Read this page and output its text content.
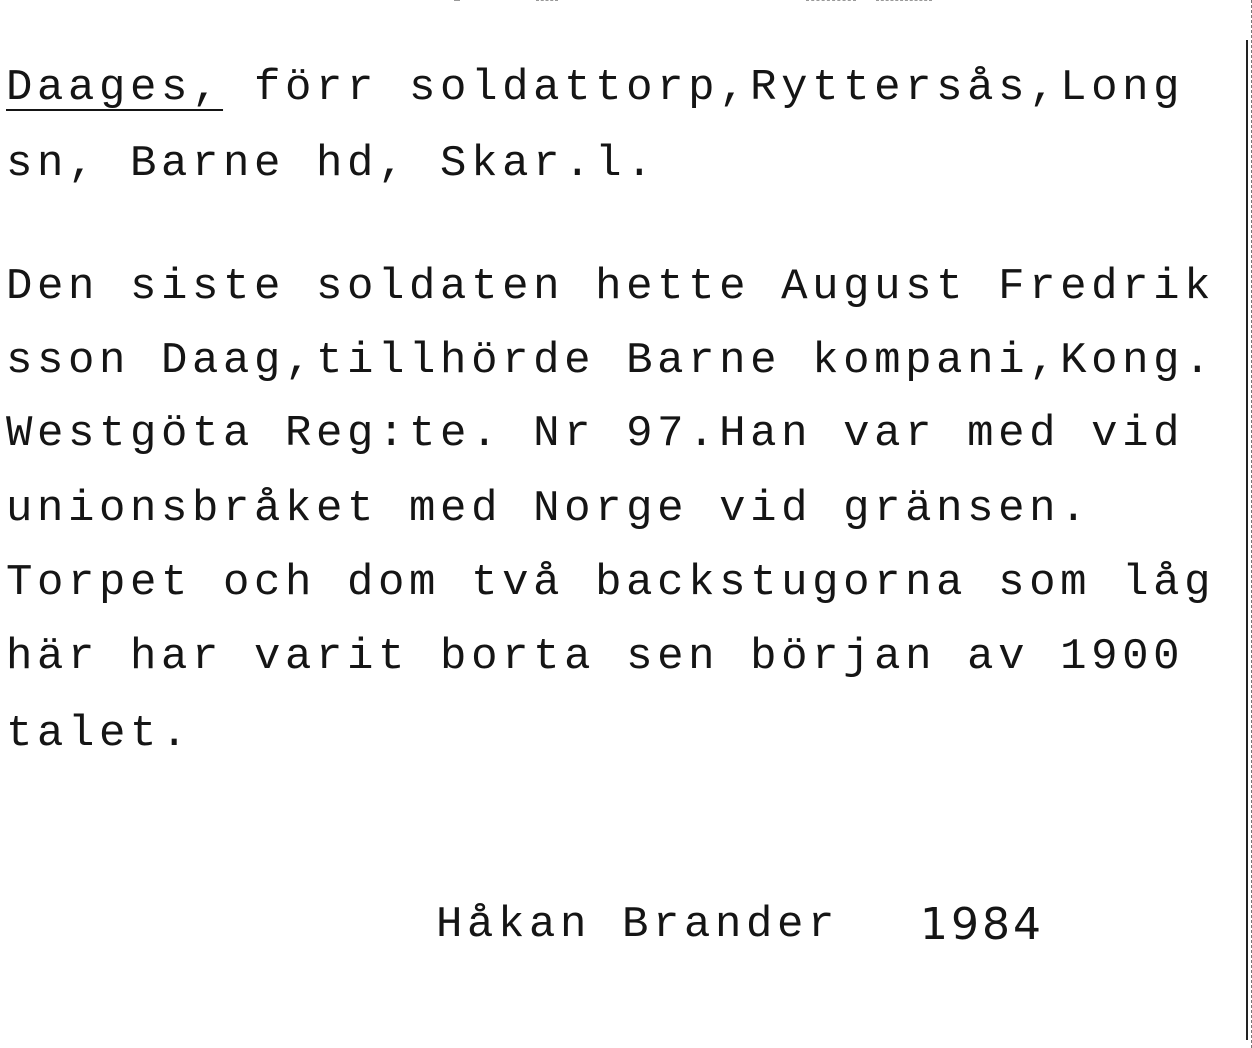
Daages, förr soldattorp,Ryttersås,Long
sn, Barne hd, Skar.l.
Den siste soldaten hette August Fredrik
sson Daag,tillhörde Barne kompani,Kong.
Westgöta Reg:te. Nr 97.Han var med vid
unionsbråket med Norge vid gränsen.
Torpet och dom två backstugorna som låg
här har varit borta sen början av 1900
talet.
Håkan Brander 1984
